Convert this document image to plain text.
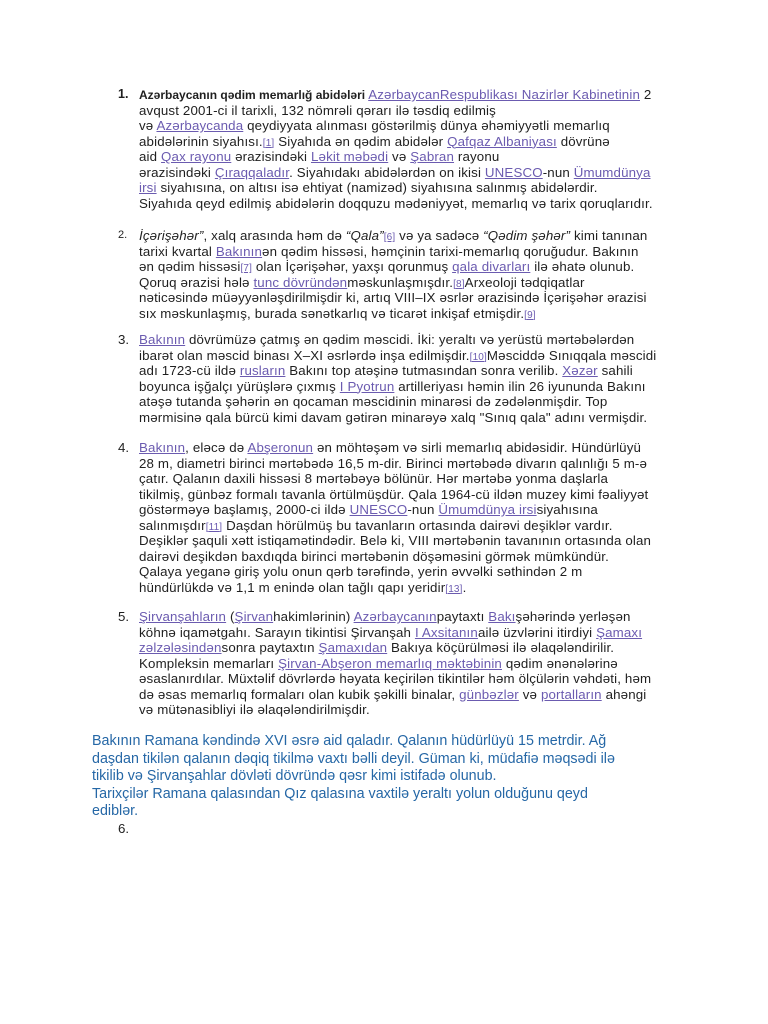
1. Azərbaycanın qədim memarlığ abidələri AzərbaycanRespublikası Nazirlər Kabinetinin 2
avqust 2001-ci il tarixli, 132 nömrəli qərarı ilə təsdiq edilmiş
və Azərbaycanda qeydiyyata alınması göstərilmiş dünya əhəmiyyətli memarlıq
abidələrinin siyahısı.[1] Siyahıda ən qədim abidələr Qafqaz Albaniyası dövrünə
aid Qax rayonu ərazisindəki Ləkit məbədi və Şabran rayonu
ərazisindəki Çıraqqaladır. Siyahıdakı abidələrdən on ikisi UNESCO-nun Ümumdünya
irsi siyahısına, on altısı isə ehtiyat (namizəd) siyahısına salınmış abidələrdir.
Siyahıda qeyd edilmiş abidələrin doqquzu mədəniyyət, memarlıq və tarix qoruqlarıdır.
2. İçərişəhər”, xalq arasında həm də “Qala”[6] və ya sadəcə “Qədim şəhər” kimi tanınan
tarixi kvartal Bakınınən qədim hissəsi, həmçinin tarixi-memarlıq qoruğudur. Bakının
ən qədim hissəsi[7] olan İçərişəhər, yaxşı qorunmuş qala divarları ilə əhatə olunub.
Qoruq ərazisi hələ tunc dövründənməskunlaşmışdır.[8]Arxeoloji tədqiqatlar
nəticəsində müəyyənləşdirilmişdir ki, artıq VIII–IX əsrlər ərazisində İçərişəhər ərazisi
sıx məskunlaşmış, burada sənətkarlıq və ticarət inkişaf etmişdir.[9]
3. Bakının dövrümüzə çatmış ən qədim məscidi. İki: yeraltı və yerüstü mərtəbələrdən
ibarət olan məscid binası X–XI əsrlərdə inşa edilmişdir.[10]Məsciddə Sınıqqala məscidi
adı 1723-cü ildə rusların Bakını top atəşinə tutmasından sonra verilib. Xəzər sahili
boyunca işğalçı yürüşlərə çıxmış I Pyotrun artilleriyası həmin ilin 26 iyununda Bakını
atəşə tutanda şəhərin ən qocaman məscidinin minarəsi də zədələnmişdir. Top
mərmisinə qala bürcü kimi davam gətirən minarəyə xalq "Sınıq qala" adını vermişdir.
4. Bakının, eləcə də Abşeronun ən möhtəşəm və sirli memarlıq abidəsidir. Hündürlüyü
28 m, diametri birinci mərtəbədə 16,5 m-dir. Birinci mərtəbədə divarın qalınlığı 5 m-ə
çatır. Qalanın daxili hissəsi 8 mərtəbəyə bölünür. Hər mərtəbə yonma daşlarla
tikilmiş, günbəz formalı tavanla örtülmüşdür. Qala 1964-cü ildən muzey kimi fəaliyyət
göstərməyə başlamış, 2000-ci ildə UNESCO-nun Ümumdünya irsisiyahısına
salınmışdır[11] Daşdan hörülmüş bu tavanların ortasında dairəvi deşiklər vardır.
Deşiklər şaquli xətt istiqamətindədir. Belə ki, VIII mərtəbənin tavanının ortasında olan
dairəvi deşikdən baxdıqda birinci mərtəbənin döşəməsini görmək mümkündür.
Qalaya yeganə giriş yolu onun qərb tərəfində, yerin əvvəlki səthindən 2 m
hündürlükdə və 1,1 m enində olan tağlı qapı yeridir[13].
5. Şirvanşahların (Şirvanhakimlərinin) Azərbaycanınpaytaxtı Bakışəhərində yerləşən
köhnə iqamətgahı. Sarayın tikintisi Şirvanşah I Axsitanınailə üzvlərini itirdiyi Şamaxı
zəlzələsindənsonra paytaxtın Şamaxıdan Bakıya köçürülməsi ilə əlaqələndirilir.
Kompleksin memarları Şirvan-Abşeron memarlıq məktəbinin qədim ənənələrinə
əsaslanırdılar. Müxtəlif dövrlərdə həyata keçirilən tikintilər həm ölçülərin vəhdəti, həm
də əsas memarlıq formaları olan kubik şəkilli binalar, günbəzlər və portalların ahəngi
və mütənasibliyi ilə əlaqələndirilmişdir.
Bakının Ramana kəndində XVI əsrə aid qaladır. Qalanın hüdürlüyü 15 metrdir. Ağ
daşdan tikilən qalanın dəqiq tikilmə vaxtı bəlli deyil. Güman ki, müdafiə məqsədi ilə
tikilib və Şirvanşahlar dövləti dövründə qəsr kimi istifadə olunub.
Tarixçilər Ramana qalasından Qız qalasına vaxtilə yeraltı yolun olduğunu qeyd
ediblər.
6.
